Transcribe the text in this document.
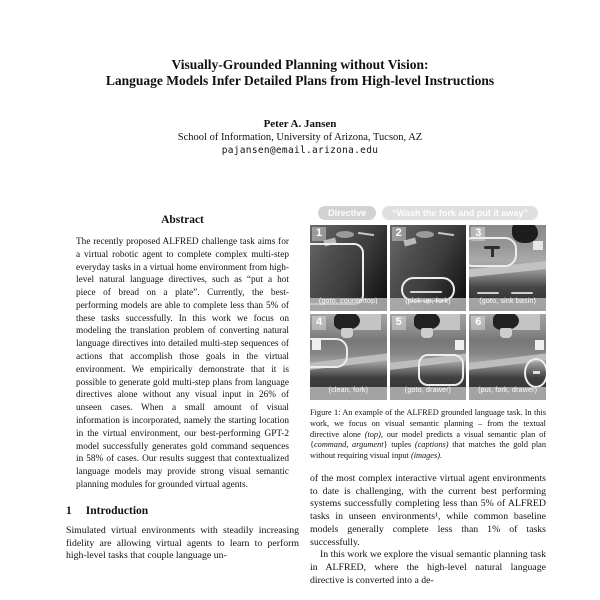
Visually-Grounded Planning without Vision:
Language Models Infer Detailed Plans from High-level Instructions
Peter A. Jansen
School of Information, University of Arizona, Tucson, AZ
pajansen@email.arizona.edu
Abstract

The recently proposed ALFRED challenge task aims for a virtual robotic agent to complete complex multi-step everyday tasks in a virtual home environment from high-level natural language directives, such as “put a hot piece of bread on a plate”. Currently, the best-performing models are able to complete less than 5% of these tasks successfully. In this work we focus on modeling the translation problem of converting natural language directives into detailed multi-step sequences of actions that accomplish those goals in the virtual environment. We empirically demonstrate that it is possible to generate gold multi-step plans from language directives alone without any visual input in 26% of unseen cases. When a small amount of visual information is incorporated, namely the starting location in the virtual environment, our best-performing GPT-2 model successfully generates gold command sequences in 58% of cases. Our results suggest that contextualized language models may provide strong visual semantic planning modules for grounded virtual agents.

1 Introduction

Simulated virtual environments with steadily increasing fidelity are allowing virtual agents to learn to perform high-level tasks that couple language un-

Directive	“Wash the fork and put it away”
1
(goto, countertop)
2
(pick up, fork)
3
(goto, sink basin)
4
(clean, fork)
5
(goto, drawer)
6
(put, fork, drawer)

Figure 1: An example of the ALFRED grounded language task. In this work, we focus on visual semantic planning – from the textual directive alone (top), our model predicts a visual semantic plan of {command, argument} tuples (captions) that matches the gold plan without requiring visual input (images).

of the most complex interactive virtual agent environments to date is challenging, with the current best performing systems successfully completing less than 5% of ALFRED tasks in unseen environments¹, while common baseline models generally complete less than 1% of tasks successfully.

In this work we explore the visual semantic planning task in ALFRED, where the high-level natural language directive is converted into a de-
